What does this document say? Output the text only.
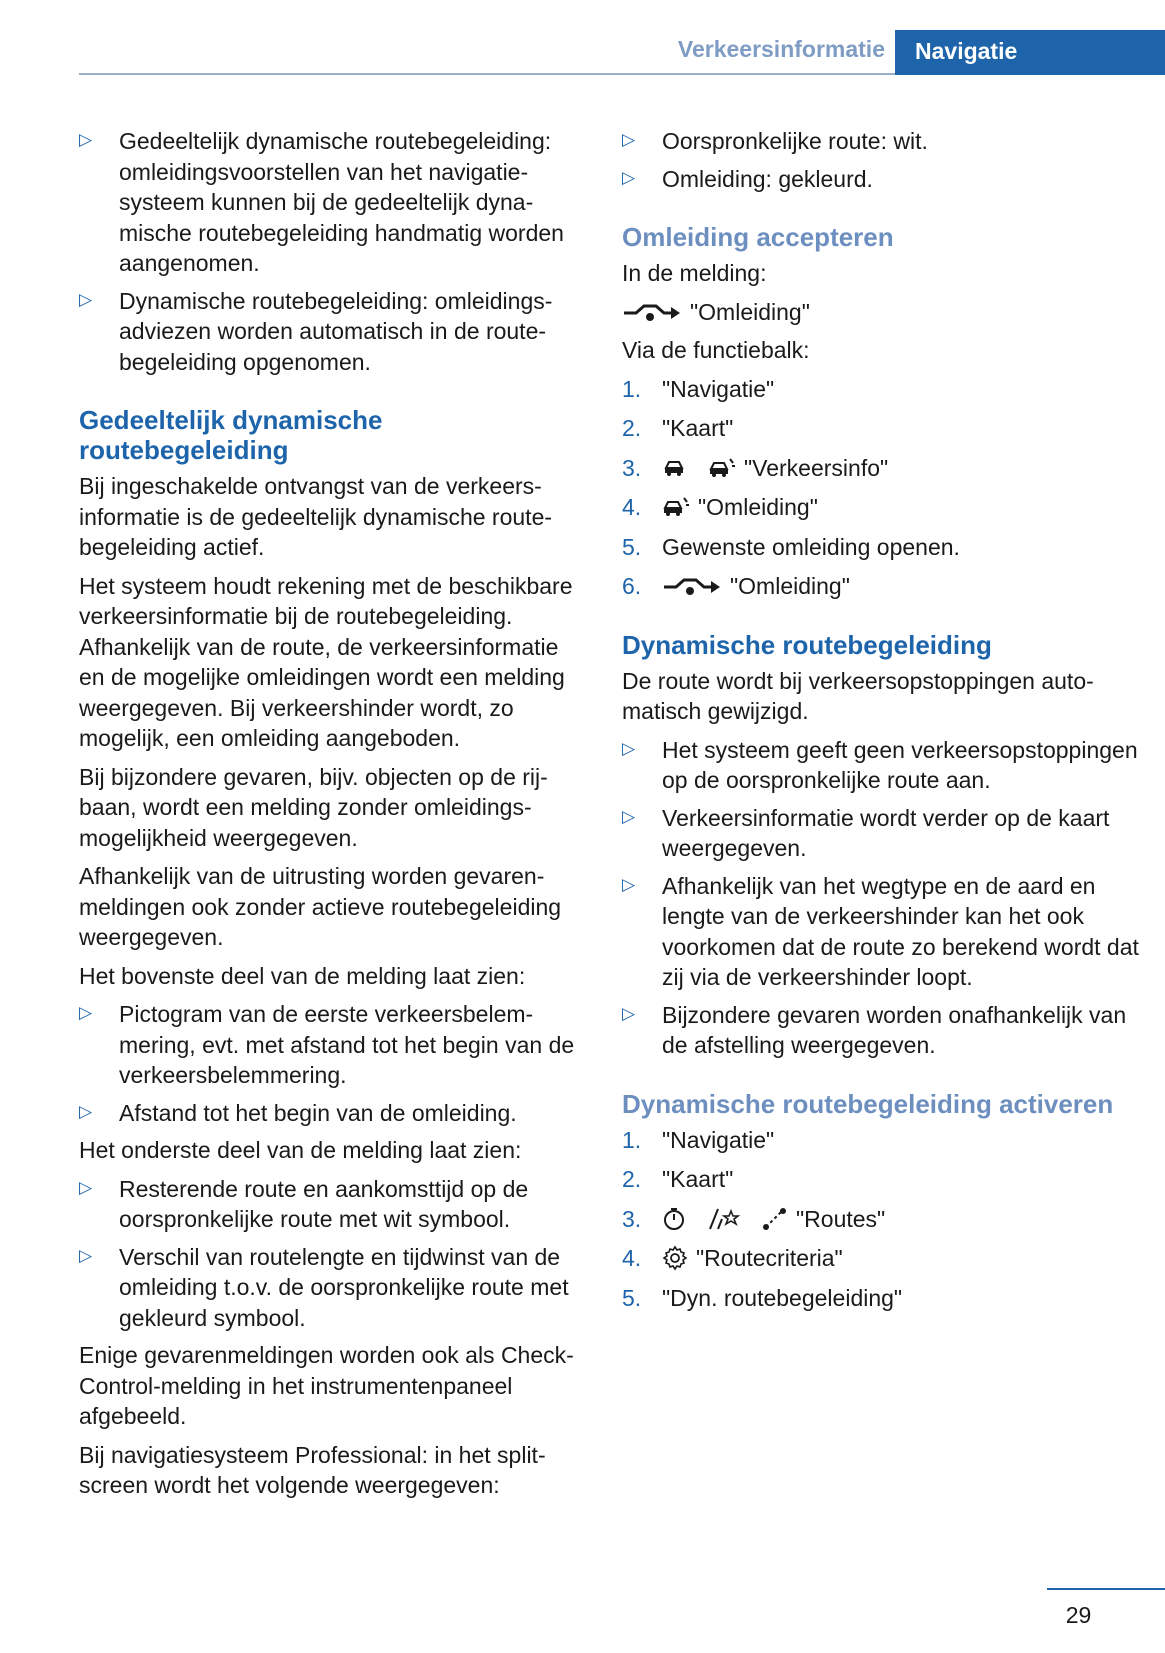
Verkeersinformatie	Navigatie
▷	Gedeeltelijk dynamische routebegeleiding: omleidingsvoorstellen van het navigatiesysteem kunnen bij de gedeeltelijk dynamische routebegeleiding handmatig worden aangenomen.
▷	Dynamische routebegeleiding: omleidingsadviezen worden automatisch in de routebegeleiding opgenomen.
Gedeeltelijk dynamische routebegeleiding

Bij ingeschakelde ontvangst van de verkeersinformatie is de gedeeltelijk dynamische routebegeleiding actief.

Het systeem houdt rekening met de beschikbare verkeersinformatie bij de routebegeleiding. Afhankelijk van de route, de verkeersinformatie en de mogelijke omleidingen wordt een melding weergegeven. Bij verkeershinder wordt, zo mogelijk, een omleiding aangeboden.

Bij bijzondere gevaren, bijv. objecten op de rijbaan, wordt een melding zonder omleidingsmogelijkheid weergegeven.

Afhankelijk van de uitrusting worden gevarenmeldingen ook zonder actieve routebegeleiding weergegeven.

Het bovenste deel van de melding laat zien:

▷	Pictogram van de eerste verkeersbelemmering, evt. met afstand tot het begin van de verkeersbelemmering.
▷	Afstand tot het begin van de omleiding.

Het onderste deel van de melding laat zien:

▷	Resterende route en aankomsttijd op de oorspronkelijke route met wit symbool.
▷	Verschil van routelengte en tijdwinst van de omleiding t.o.v. de oorspronkelijke route met gekleurd symbool.

Enige gevarenmeldingen worden ook als Check-Control-melding in het instrumentenpaneel afgebeeld.

Bij navigatiesysteem Professional: in het splitscreen wordt het volgende weergegeven:

▷	Oorspronkelijke route: wit.
▷	Omleiding: gekleurd.
Omleiding accepteren

In de melding:

"Omleiding"

Via de functiebalk:

1. "Navigatie"
2. "Kaart"
3.	"Verkeersinfo"
4.	"Omleiding"
5. Gewenste omleiding openen.
6.	"Omleiding"
Dynamische routebegeleiding

De route wordt bij verkeersopstoppingen automatisch gewijzigd.

▷	Het systeem geeft geen verkeersopstoppingen op de oorspronkelijke route aan.
▷	Verkeersinformatie wordt verder op de kaart weergegeven.
▷	Afhankelijk van het wegtype en de aard en lengte van de verkeershinder kan het ook voorkomen dat de route zo berekend wordt dat zij via de verkeershinder loopt.
▷	Bijzondere gevaren worden onafhankelijk van de afstelling weergegeven.
Dynamische routebegeleiding activeren
1. "Navigatie"
2. "Kaart"
3.	"Routes"
4.	"Routecriteria"
5. "Dyn. routebegeleiding"
29
